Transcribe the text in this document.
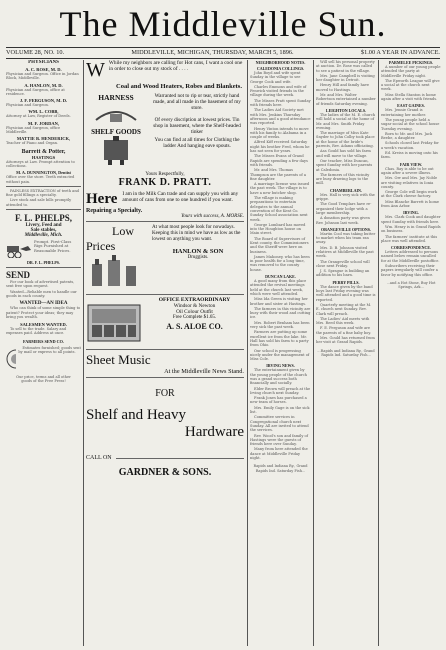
The Middleville Sun.
VOLUME 28, NO. 10.	MIDDLEVILLE, MICHIGAN, THURSDAY, MARCH 5, 1896.	$1.00 A YEAR IN ADVANCE.
PHYSICIANS
A. C. ROSE, M. D.
Physician and Surgeon. Office in Jordan Block, Middleville.
A. HANLON, M. D.
Physician and Surgeon, office at residence.
J. F. FERGUSON, M. D.
Physician and Surgeon.
WM. L. COBB,
Attorney at Law, Register of Deeds.
M. F. JORDAN,
Physician and Surgeon, office Middleville.
MATTIE B. HENDERICK,
Teacher of Piano and Organ.
Barrett & Potter,
HASTINGS
Attorneys at Law. Prompt attention to collections.
M. A. DUNNINGTON, Dentist
Office over the store. Teeth extracted without pain.

PAINLESS EXTRACTION of teeth and fine gold fillings a specialty.

Live stock and sale bills promptly attended to.

F. L. PHELPS,
Livery, Feed and
Sale stables,
Middleville, Mich.
Prompt. First-Class
Rigs Furnished at
Reasonable Prices.
DR. F. L. PHELPS.
SEND

For our book of advertised patents, sent free upon request.

Wanted—Reliable men to handle our goods in each county.

WANTED—AN IDEA

Who can think of some simple thing to patent? Protect your ideas; they may bring you wealth.

SALESMEN WANTED.

To sell to the trade. Salary and expenses paid. Address at once.

FARMERS SEND CO.

Estimates furnished; goods sent by mail or express to all points.

Our price, terms and all other
goods of the Free Press!
W While my neighbors are calling for Hot cans, I want a cool one in order to close out my stock of . . . .
Coal and Wood Heaters, Robes and Blankets.
HARNESS
SHELF GOODS
Warranted not to rip or tear, strictly hand made, and all made in the basement of my store.
Of every discription at lowest prices. Tin shop in basement, where the Shelf-headed tinker
You can find at all times for Clothing the ladder And hanging eave spouts.
Yours Respectfully,
FRANK D. PRATT.
Here I am in the Milk Can trade and can supply you with any amount of cans from one to one hundred if you want.
Repairing a Specialty.
Yours with success, A. MORSE.
Low
Prices
At what most people look for nowadays. Keeping this in mind we have as low as the lowest on anything you want.
HANLON & SON
Druggists.
OFFICE EXTRAORDINARY
Windsor & Newton
Oil Colour Outfit
Free Complete $1.65.
A. S. ALOE CO.
Sheet Music
At the Middleville News Stand.
FOR
Shelf and Heavy
Hardware
CALL ON
GARDNER & SONS.
NEIGHBORHOOD NOTES.
CALEDONIA COLLINGS.

John Boyd and wife spent Sunday in the village to see George Cook and wife.

Charles Emmons and wife of Fenwick visited friends in the village during the week.

The Misses Pratt spent Sunday with friends here.

The Ladies Aid Society met with Mrs. Jenkins Thursday afternoon and a good attendance was reported.

Henry Vinton intends to move with his family to Alabama in a couple of weeks.

Alfred Kiff received Saturday night his brother Fred, whom he has not seen for years.

The Misses Evans of Grand Rapids are spending a few days with friends.

Mr. and Mrs. Thomas Thompson are the parents of a fine daughter.

A marriage license was issued the past week. The village is to have a new butcher shop.

The village is making preparations to entertain delegates to the annual convention of the Kent Co. Sunday School association next week.

George Lombard has moved into the Houghton house on Main street.

The Board of Supervisors of Kent county, the Commissioners and the Sheriff were here on business.

James Mahoney, who has been in poor health for a long time, was removed to the county house.

DUNCAN LAKE.

A good many from this place attended the revival meetings held at the church last week, which were well attended.

Miss Ida Green is visiting her brother and sister at Hastings.

The farmers in this vicinity are busy with their wood and cutting ice.

Mrs. Robert Benham has been very sick the past week.

Farmers are putting up some excellent ice from the lake. Mr. Hall has sold his farm to a party from Ohio.

Our school is progressing nicely under the management of Miss Cole.

IRVING NEWS.

The entertainment given by the young people of the church was a grand success both financially and socially.

Elder Brown will preach at the Irving church next Sunday.

Frank Jones has purchased a new team of horses.

Mrs. Emily Gage is on the sick list.

Committee services in Congregational church next Sunday. All are invited to attend the services.

Rev. Wood's son and family of Hastings were the guests of friends here over Sunday.

Many from here attended the dance at Middleville Friday night.

Rapids and Indiana Ry., Grand Rapids Ind. Saturday Fish...

Will sell his personal property at auction. Dr. Rose was called to see a patient in the village.

Mrs. Jane Campbell is visiting her daughter in Detroit.

Henry Hill and family have moved to Hastings.

Mr. and Mrs. Walter Robertson entertained a number of friends Saturday evening.

LEIGHTON LOCALS.

The ladies of the M. E. church will hold a social at the home of Mr. and Mrs. Smith Friday evening.

The marriage of Miss Kate Snyder to John Colby took place at the home of the bride's parents, Rev. Adams officiating.

Asa Gould has sold his farm and will move to the village.

Our teacher, Miss Duncan, spent Sunday with her parents at Caledonia.

The farmers of this vicinity are busy drawing logs to the mill.

CHAMBERLAIN.

Mrs. Hall is very sick with the grippe.

The Good Templars have re-organized their lodge with a large membership.

A donation party was given Rev. Johnson last week.

ORANGEVILLE OPTIONS.

Martin Cool was taking butter to market when his team ran away.

Mrs. D. B. Johnson visited relatives at Middleville the past week.

The Orangeville school will close next Friday.

J. S. Sprague is building an addition to his barn.

PERRY PILLS.

The dance given by the band boys last Friday evening was well attended and a good time is reported.

Quarterly meeting at the M. E. church next Sunday. Rev. Clark will preach.

The Ladies' Aid meets with Mrs. Reed this week.

F. E. Ferguson and wife are the parents of a fine baby boy.

Mrs. Gould has returned from her visit at Grand Rapids.

...Rapids and Indiana Ry., Grand Rapids Ind. Saturday Fish...
PARMELEE PICKINGS.

A number of our young people attended the party at Middleville Friday night.

The Epworth League will give a social at the church next week.

Miss Stella Stanton is home again after a visit with friends.

EAST GAINES.

Mrs. Jennie Grand is entertaining her mother.

The young people held a sugar social at the school house Tuesday evening.

Born to Mr. and Mrs. Jack Beebe, a daughter.

Schools closed last Friday for a week's vacation.

Ed. Kreiss is moving onto his farm.

FAIR VIEW.

Chas. Ray is able to be out again after a severe illness.

Mrs. Orr and Mrs. Jay Noble are visiting relatives in Ionia county.

George Cole will begin work at the Clark cheese factory.

Miss Blanche Barrett is home from Ann Arbor.

IRVING.

Mrs. Clark Cook and daughter spent Sunday with friends here.

Wm. Henry is in Grand Rapids on business.

The farmers' institute at this place was well attended.

CORRESPONDENCE.

Letters addressed to persons named below remain uncalled for at the Middleville postoffice.

Subscribers receiving their papers irregularly will confer a favor by notifying this office.

...and a Hot Stone, Buy Hot Springs, Ark...
